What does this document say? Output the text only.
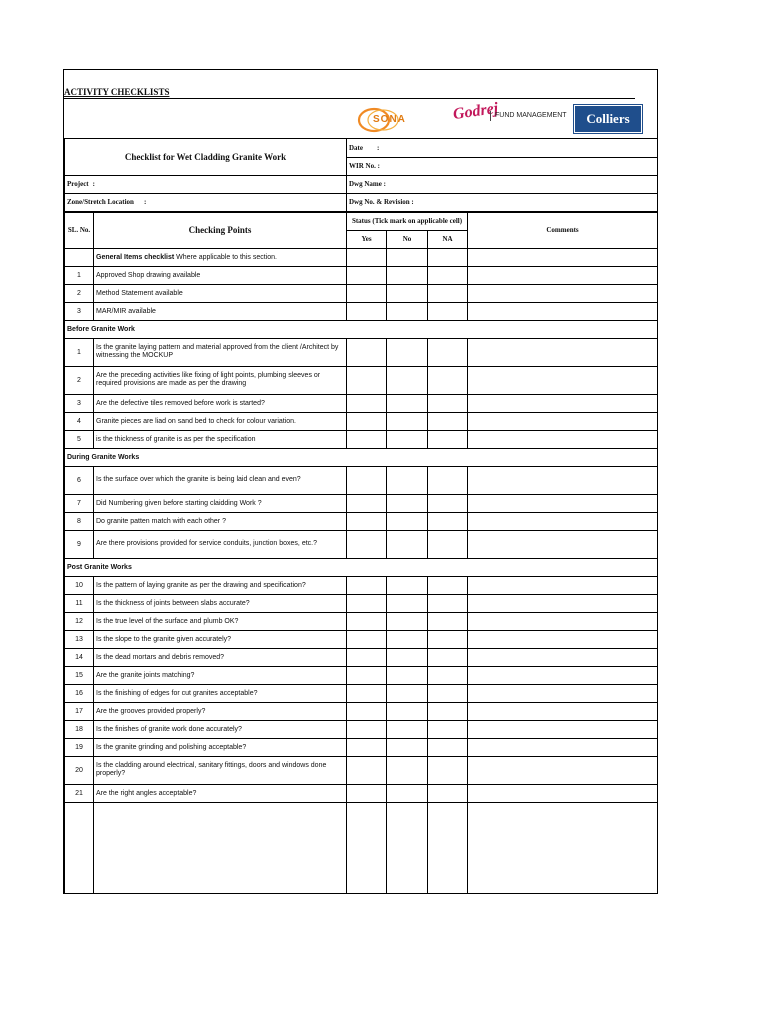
ACTIVITY CHECKLISTS
SONA	Godrej
FUND MANAGEMENT	Colliers
Checklist for Wet Cladding Granite Work	Date :
	WIR No. :
Project :	Dwg Name :
Zone/Stretch Location :	Dwg No. & Revision :
SL. No.	Checking Points	Status (Tick mark on applicable cell)			Comments
		Yes	No	NA	
	General Items checklist Where applicable to this section.				
1	Approved Shop drawing available				
2	Method Statement available				
3	MAR/MIR available				
Before Granite Work					
1	Is the granite laying pattern and material approved from the client /Architect by witnessing the MOCKUP				
2	Are the preceding activities like fixing of light points, plumbing sleeves or required provisions are made as per the drawing				
3	Are the defective tiles removed before work is started?				
4	Granite pieces are liad on sand bed to check for colour variation.				
5	is the thickness of granite is as per the specification				
During Granite Works					
6	Is the surface over which the granite is being laid clean and even?				
7	Did Numbering given before starting claidding Work ?				
8	Do granite patten match with each other ?				
9	Are there provisions provided for service conduits, junction boxes, etc.?				
Post Granite Works					
10	Is the pattern of laying granite as per the drawing and specification?				
11	Is the thickness of joints between slabs accurate?				
12	Is the true level of the surface and plumb OK?				
13	Is the slope to the granite given accurately?				
14	Is the dead mortars and debris removed?				
15	Are the granite joints matching?				
16	Is the finishing of edges for cut granites acceptable?				
17	Are the grooves provided properly?				
18	Is the finishes of granite work done accurately?				
19	Is the granite grinding and polishing acceptable?				
20	Is the cladding around electrical, sanitary fittings, doors and windows done properly?				
21	Are the right angles acceptable?				
